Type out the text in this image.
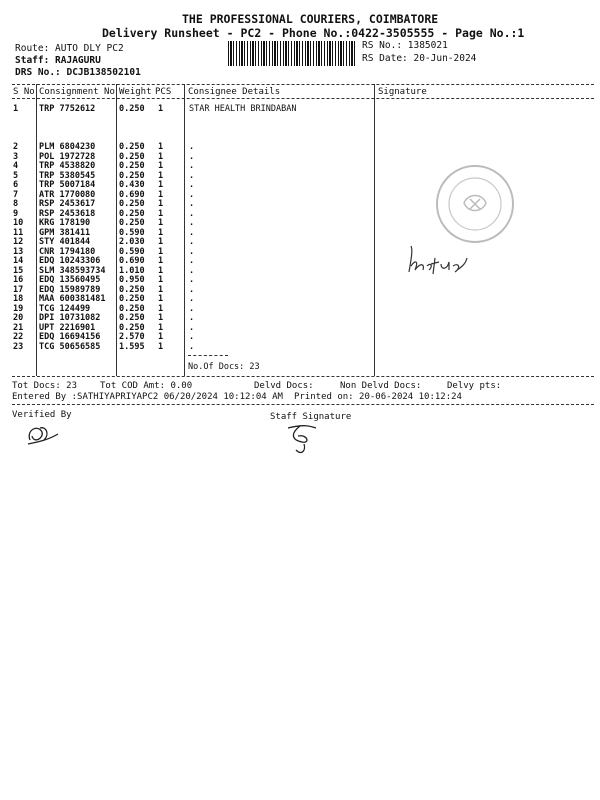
THE PROFESSIONAL COURIERS, COIMBATORE
Delivery Runsheet - PC2 - Phone No.:0422-3505555 - Page No.:1
Route: AUTO DLY PC2
Staff: RAJAGURU
DRS No.: DCJB138502101
RS No.: 1385021
RS Date: 20-Jun-2024
S No Consignment No Weight PCS Consignee Details	Signature
1 TRP 7752612	0.250 1	STAR HEALTH BRINDABAN
2 PLM 6804230	0.250 1	.
3 POL 1972728	0.250 1	.
4 TRP 4538820	0.250 1	.
5 TRP 5380545	0.250 1	.
6 TRP 5007184	0.430 1	.
7 ATR 1770080	0.690 1	.
8 RSP 2453617	0.250 1	.
9 RSP 2453618	0.250 1	.
10 KRG 178190	0.250 1	.
11 GPM 381411	0.590 1	.
12 STY 401844	2.030 1	.
13 CNR 1794180	0.590 1	.
14 EDQ 10243306 0.690 1	.
15 SLM 348593734 1.010 1	.
16 EDQ 13560495 0.950 1	.
17 EDQ 15989789 0.250 1	.
18 MAA 600381481 0.250 1	.
19 TCG 124499	0.250 1	.
20 DPI 10731082 0.250 1	.
21 UPT 2216901	0.250 1	.
22 EDQ 16694156 2.570 1	.
23 TCG 50656585 1.595 1	.
No.Of Docs: 23
Tot Docs: 23	Tot COD Amt: 0.00	Delvd Docs:	Non Delvd Docs:	Delvy pts:
Entered By :SATHIYAPRIYAPC2 06/20/2024 10:12:04 AM Printed on: 20-06-2024 10:12:24
Verified By	Staff Signature
